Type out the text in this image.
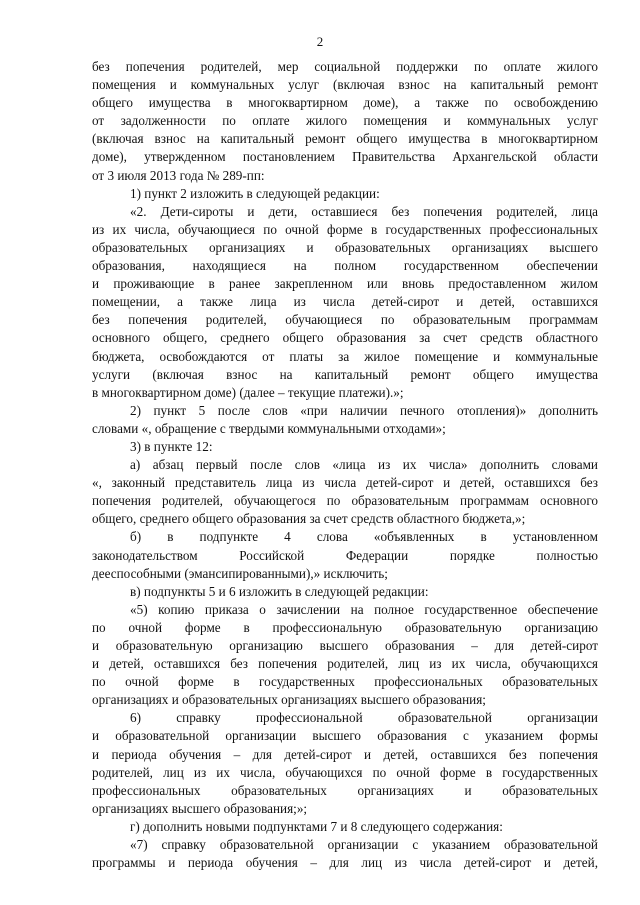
2
без попечения родителей, мер социальной поддержки по оплате жилого
помещения и коммунальных услуг (включая взнос на капитальный ремонт
общего имущества в многоквартирном доме), а также по освобождению
от задолженности по оплате жилого помещения и коммунальных услуг
(включая взнос на капитальный ремонт общего имущества в многоквартирном
доме), утвержденном постановлением Правительства Архангельской области
от 3 июля 2013 года № 289-пп:
1) пункт 2 изложить в следующей редакции:
«2. Дети-сироты и дети, оставшиеся без попечения родителей, лица
из их числа, обучающиеся по очной форме в государственных профессиональных
образовательных организациях и образовательных организациях высшего
образования, находящиеся на полном государственном обеспечении
и проживающие в ранее закрепленном или вновь предоставленном жилом
помещении, а также лица из числа детей-сирот и детей, оставшихся
без попечения родителей, обучающиеся по образовательным программам
основного общего, среднего общего образования за счет средств областного
бюджета, освобождаются от платы за жилое помещение и коммунальные
услуги (включая взнос на капитальный ремонт общего имущества
в многоквартирном доме) (далее – текущие платежи).»;
2) пункт 5 после слов «при наличии печного отопления)» дополнить
словами «, обращение с твердыми коммунальными отходами»;
3) в пункте 12:
а) абзац первый после слов «лица из их числа» дополнить словами
«, законный представитель лица из числа детей-сирот и детей, оставшихся без
попечения родителей, обучающегося по образовательным программам основного
общего, среднего общего образования за счет средств областного бюджета,»;
б) в подпункте 4 слова «объявленных в установленном
законодательством Российской Федерации порядке полностью
дееспособными (эмансипированными),» исключить;
в) подпункты 5 и 6 изложить в следующей редакции:
«5) копию приказа о зачислении на полное государственное обеспечение
по очной форме в профессиональную образовательную организацию
и образовательную организацию высшего образования – для детей-сирот
и детей, оставшихся без попечения родителей, лиц из их числа, обучающихся
по очной форме в государственных профессиональных образовательных
организациях и образовательных организациях высшего образования;
6) справку профессиональной образовательной организации
и образовательной организации высшего образования с указанием формы
и периода обучения – для детей-сирот и детей, оставшихся без попечения
родителей, лиц из их числа, обучающихся по очной форме в государственных
профессиональных образовательных организациях и образовательных
организациях высшего образования;»;
г) дополнить новыми подпунктами 7 и 8 следующего содержания:
«7) справку образовательной организации с указанием образовательной
программы и периода обучения – для лиц из числа детей-сирот и детей,
